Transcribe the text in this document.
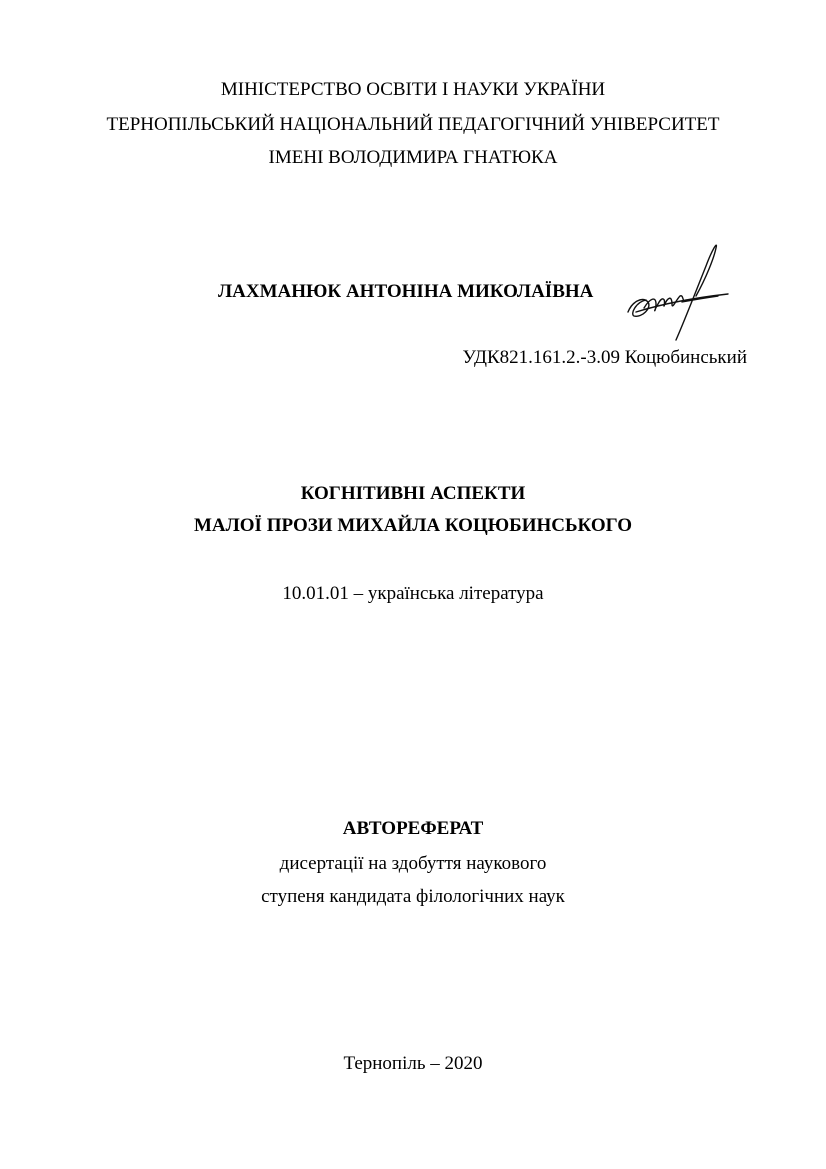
МІНІСТЕРСТВО ОСВІТИ І НАУКИ УКРАЇНИ
ТЕРНОПІЛЬСЬКИЙ НАЦІОНАЛЬНИЙ ПЕДАГОГІЧНИЙ УНІВЕРСИТЕТ
ІМЕНІ ВОЛОДИМИРА ГНАТЮКА
ЛАХМАНЮК АНТОНІНА МИКОЛАЇВНА
УДК821.161.2.-3.09 Коцюбинський
КОГНІТИВНІ АСПЕКТИ
МАЛОЇ ПРОЗИ МИХАЙЛА КОЦЮБИНСЬКОГО
10.01.01 – українська література
АВТОРЕФЕРАТ
дисертації на здобуття наукового
ступеня кандидата філологічних наук
Тернопіль – 2020
